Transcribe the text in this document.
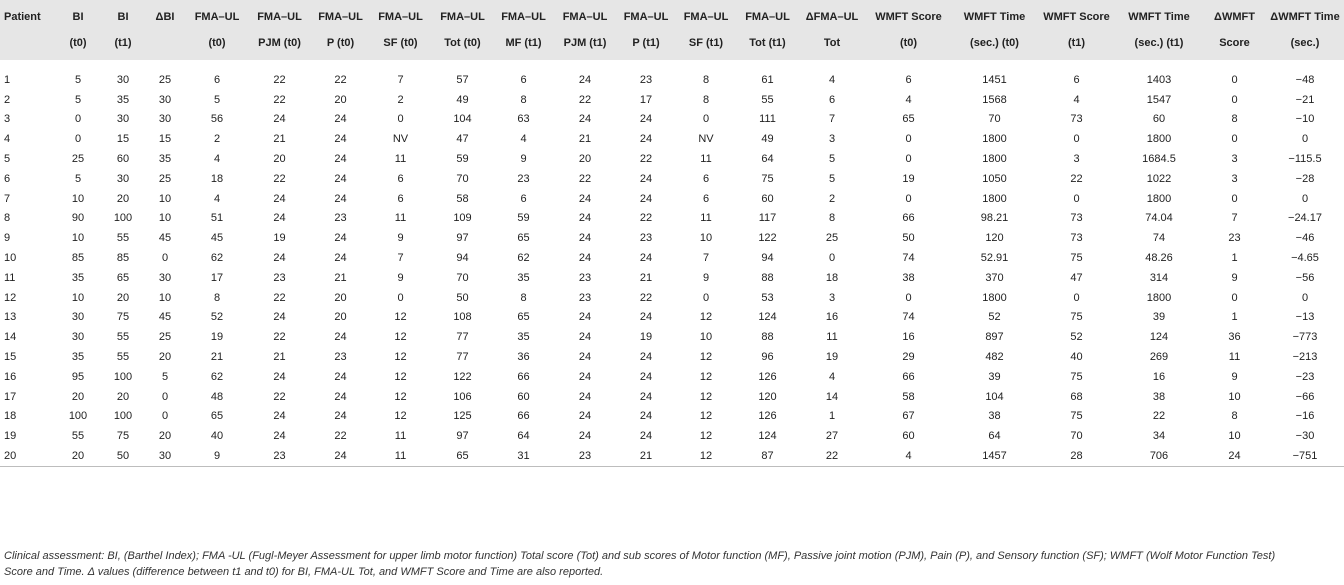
Patient	BI	BI	ΔBI	FMA–UL	FMA–UL	FMA–UL	FMA–UL	FMA–UL	FMA–UL	FMA–UL	FMA–UL	FMA–UL	FMA–UL	ΔFMA–UL	WMFT Score	WMFT Time	WMFT Score	WMFT Time	ΔWMFT	ΔWMFT Time
	(t0)	(t1)		(t0)	PJM (t0)	P (t0)	SF (t0)	Tot (t0)	MF (t1)	PJM (t1)	P (t1)	SF (t1)	Tot (t1)	Tot	(t0)	(sec.) (t0)	(t1)	(sec.) (t1)	Score	(sec.)

1	5	30	25	6	22	22	7	57	6	24	23	8	61	4	6	1451	6	1403	0	−48
2	5	35	30	5	22	20	2	49	8	22	17	8	55	6	4	1568	4	1547	0	−21
3	0	30	30	56	24	24	0	104	63	24	24	0	111	7	65	70	73	60	8	−10
4	0	15	15	2	21	24	NV	47	4	21	24	NV	49	3	0	1800	0	1800	0	0
5	25	60	35	4	20	24	11	59	9	20	22	11	64	5	0	1800	3	1684.5	3	−115.5
6	5	30	25	18	22	24	6	70	23	22	24	6	75	5	19	1050	22	1022	3	−28
7	10	20	10	4	24	24	6	58	6	24	24	6	60	2	0	1800	0	1800	0	0
8	90	100	10	51	24	23	11	109	59	24	22	11	117	8	66	98.21	73	74.04	7	−24.17
9	10	55	45	45	19	24	9	97	65	24	23	10	122	25	50	120	73	74	23	−46
10	85	85	0	62	24	24	7	94	62	24	24	7	94	0	74	52.91	75	48.26	1	−4.65
11	35	65	30	17	23	21	9	70	35	23	21	9	88	18	38	370	47	314	9	−56
12	10	20	10	8	22	20	0	50	8	23	22	0	53	3	0	1800	0	1800	0	0
13	30	75	45	52	24	20	12	108	65	24	24	12	124	16	74	52	75	39	1	−13
14	30	55	25	19	22	24	12	77	35	24	19	10	88	11	16	897	52	124	36	−773
15	35	55	20	21	21	23	12	77	36	24	24	12	96	19	29	482	40	269	11	−213
16	95	100	5	62	24	24	12	122	66	24	24	12	126	4	66	39	75	16	9	−23
17	20	20	0	48	22	24	12	106	60	24	24	12	120	14	58	104	68	38	10	−66
18	100	100	0	65	24	24	12	125	66	24	24	12	126	1	67	38	75	22	8	−16
19	55	75	20	40	24	22	11	97	64	24	24	12	124	27	60	64	70	34	10	−30
20	20	50	30	9	23	24	11	65	31	23	21	12	87	22	4	1457	28	706	24	−751

Clinical assessment: BI, (Barthel Index); FMA -UL (Fugl-Meyer Assessment for upper limb motor function) Total score (Tot) and sub scores of Motor function (MF), Passive joint motion (PJM), Pain (P), and Sensory function (SF); WMFT (Wolf Motor Function Test) Score and Time. Δ values (difference between t1 and t0) for BI, FMA-UL Tot, and WMFT Score and Time are also reported.
